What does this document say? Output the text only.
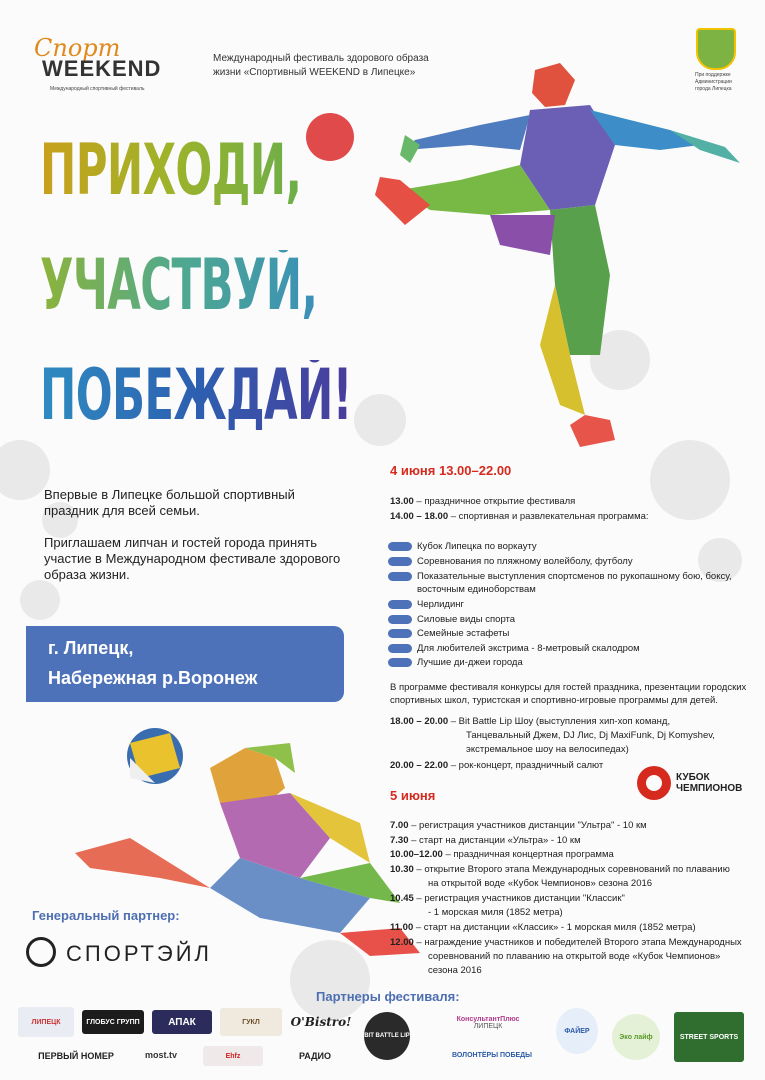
Спорт
WEEKEND
Международный спортивный фестиваль
Международный фестиваль здорового образа
жизни «Спортивный WEEKEND в Липецке»	При поддержке
Администрации
города Липецка
ПРИХОДИ,
УЧАСТВУЙ,
ПОБЕЖДАЙ!
Впервые в Липецке большой спортивный
праздник для всей семьи.
Приглашаем липчан и гостей города принять
участие в Международном фестивале здорового
образа жизни.
г. Липецк,
Набережная р.Воронеж
4 июня 13.00–22.00
13.00 – праздничное открытие фестиваля
14.00 – 18.00 – спортивная и развлекательная программа:
Кубок Липецка по воркауту
Соревнования по пляжному волейболу, футболу
Показательные выступления спортсменов по рукопашному бою, боксу,
восточным единоборствам
Черлидинг
Силовые виды спорта
Семейные эстафеты
Для любителей экстрима - 8-метровый скалодром
Лучшие ди-джеи города
В программе фестиваля конкурсы для гостей праздника, презентации городских
спортивных школ, туристская и спортивно-игровые программы для детей.
18.00 – 20.00 – Bit Battle Lip Шоу (выступления хип-хоп команд,
Танцевальный Джем, DJ Лис, Dj MaxiFunk, Dj Komyshev,
экстремальное шоу на велосипедах)
20.00 – 22.00 – рок-концерт, праздничный салют
КУБОК
ЧЕМПИОНОВ
5 июня
7.00 – регистрация участников дистанции "Ультра" - 10 км
7.30 – старт на дистанции «Ультра» - 10 км
10.00–12.00 – праздничная концертная программа
10.30 – открытие Второго этапа Международных соревнований по плаванию
на открытой воде «Кубок Чемпионов» сезона 2016
10.45 – регистрация участников дистанции "Классик"
- 1 морская миля (1852 метра)
11.00 – старт на дистанции «Классик» - 1 морская миля (1852 метра)
12.00 – награждение участников и победителей Второго этапа Международных
соревнований по плаванию на открытой воде «Кубок Чемпионов»
сезона 2016
Генеральный партнер:
СПОРТЭЙЛ
Партнеры фестиваля:
ЛИПЕЦК	ГЛОБУС ГРУПП	АПАК	ГУКЛ	O'Bistro!
BIT BATTLE LIP
КонсультантПлюс
ЛИПЕЦК
ФАЙЕР
Эко лайф	STREET SPORTS
ПЕРВЫЙ НОМЕР	most.tv	Ehfz	РАДИО	ВОЛОНТЁРЫ ПОБЕДЫ
